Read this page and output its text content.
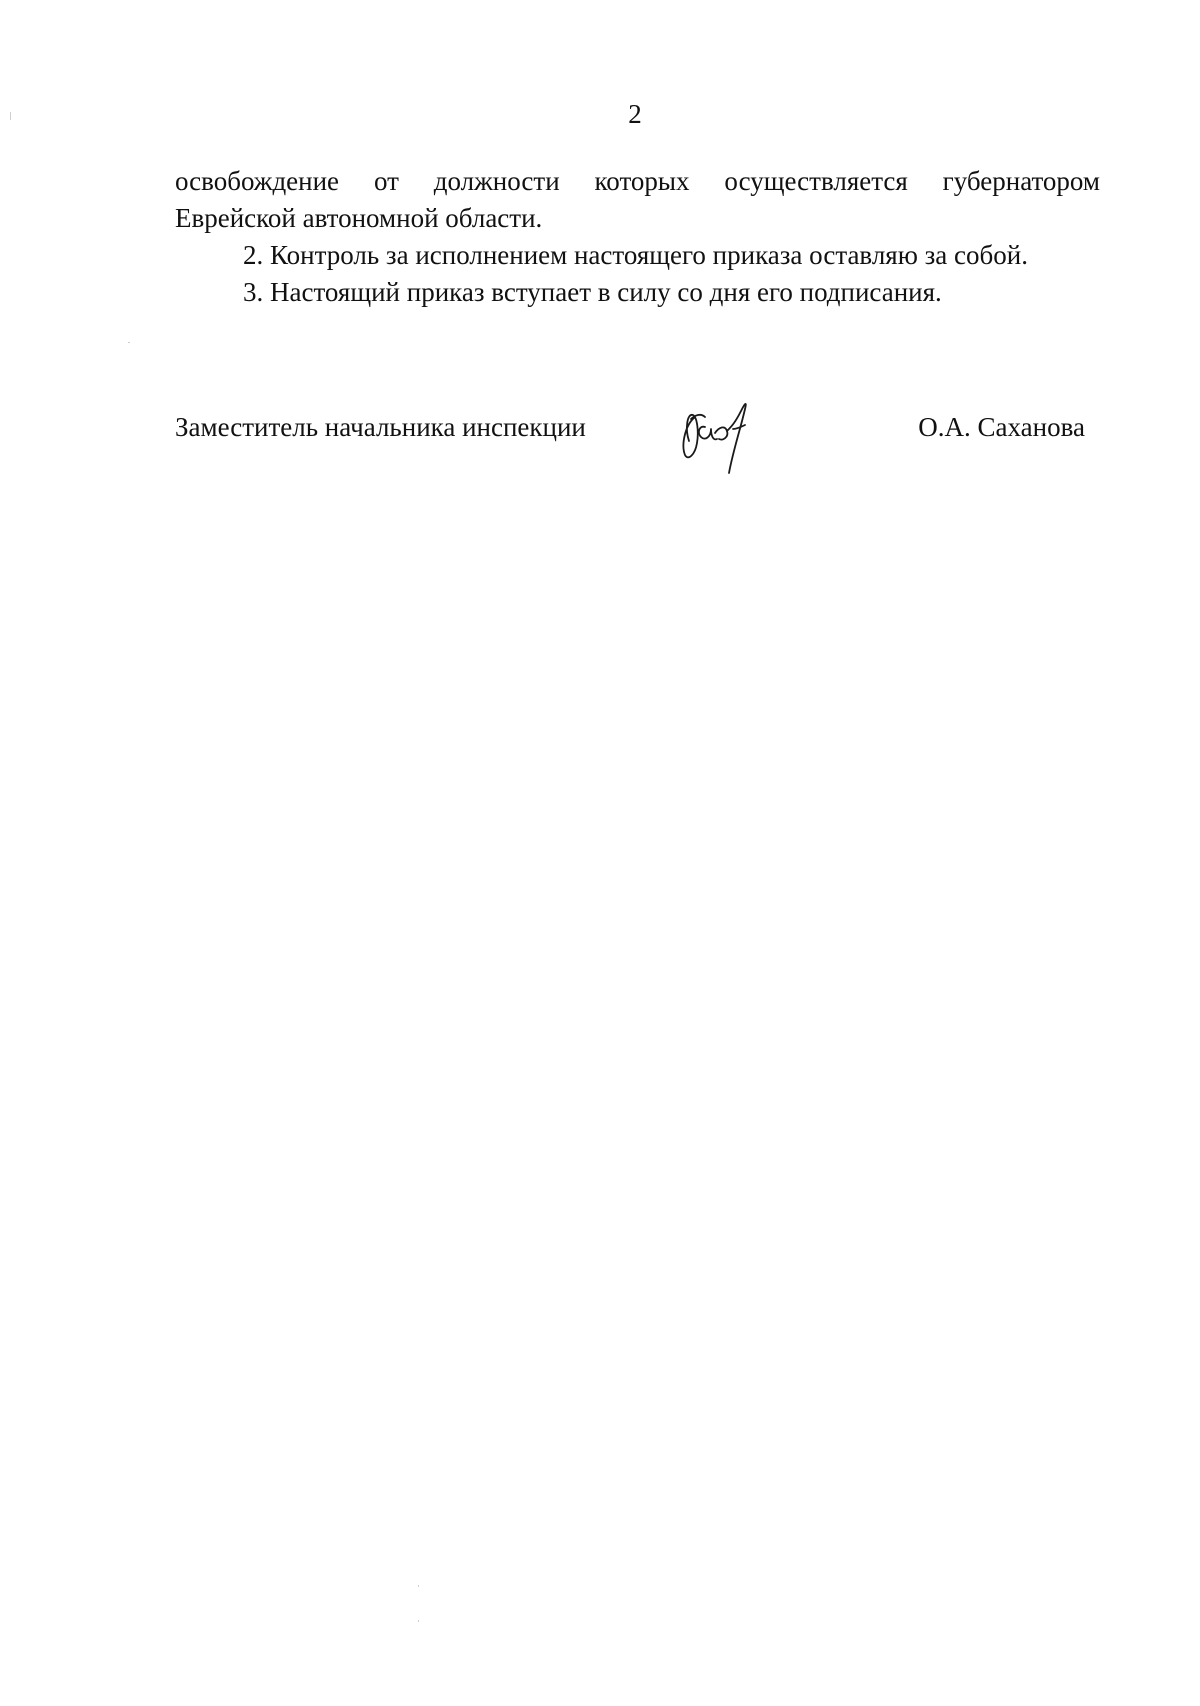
2

освобождение от должности которых осуществляется губернатором

Еврейской автономной области.

2. Контроль за исполнением настоящего приказа оставляю за собой.

3. Настоящий приказ вступает в силу со дня его подписания.

Заместитель начальника инспекции	О.А. Саханова
